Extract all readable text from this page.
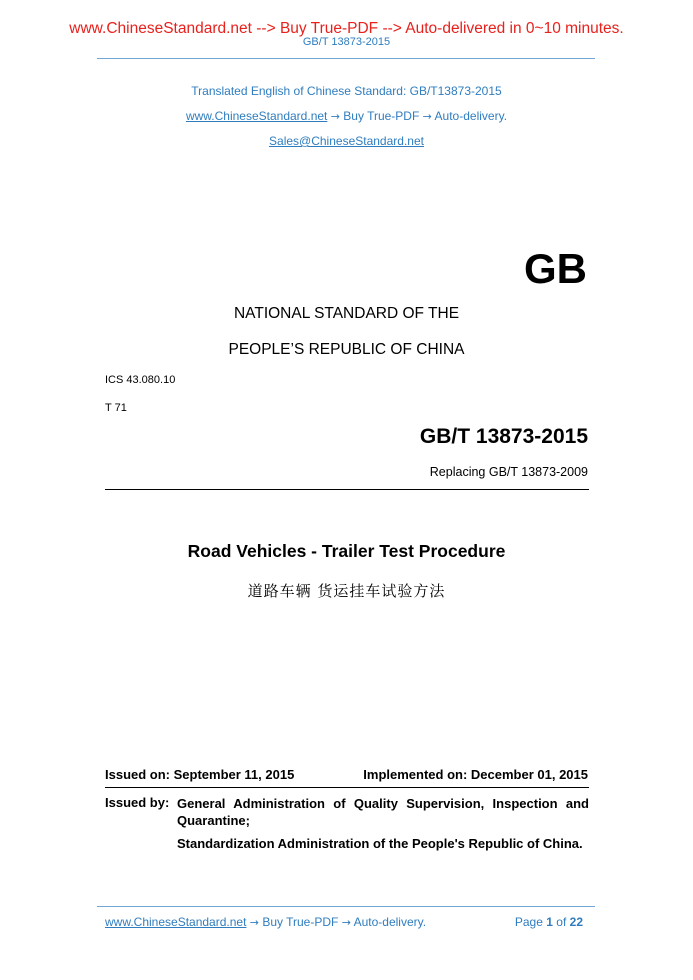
www.ChineseStandard.net --> Buy True-PDF --> Auto-delivered in 0~10 minutes.
GB/T 13873-2015
Translated English of Chinese Standard: GB/T13873-2015
www.ChineseStandard.net → Buy True-PDF → Auto-delivery.
Sales@ChineseStandard.net
GB
NATIONAL STANDARD OF THE
PEOPLE’S REPUBLIC OF CHINA
ICS 43.080.10
T 71
GB/T 13873-2015
Replacing GB/T 13873-2009
Road Vehicles - Trailer Test Procedure
道路车辆 货运挂车试验方法
Issued on: September 11, 2015	Implemented on: December 01, 2015
Issued by: General Administration of Quality Supervision, Inspection and Quarantine;
Standardization Administration of the People's Republic of China.
www.ChineseStandard.net → Buy True-PDF → Auto-delivery.	Page 1 of 22
